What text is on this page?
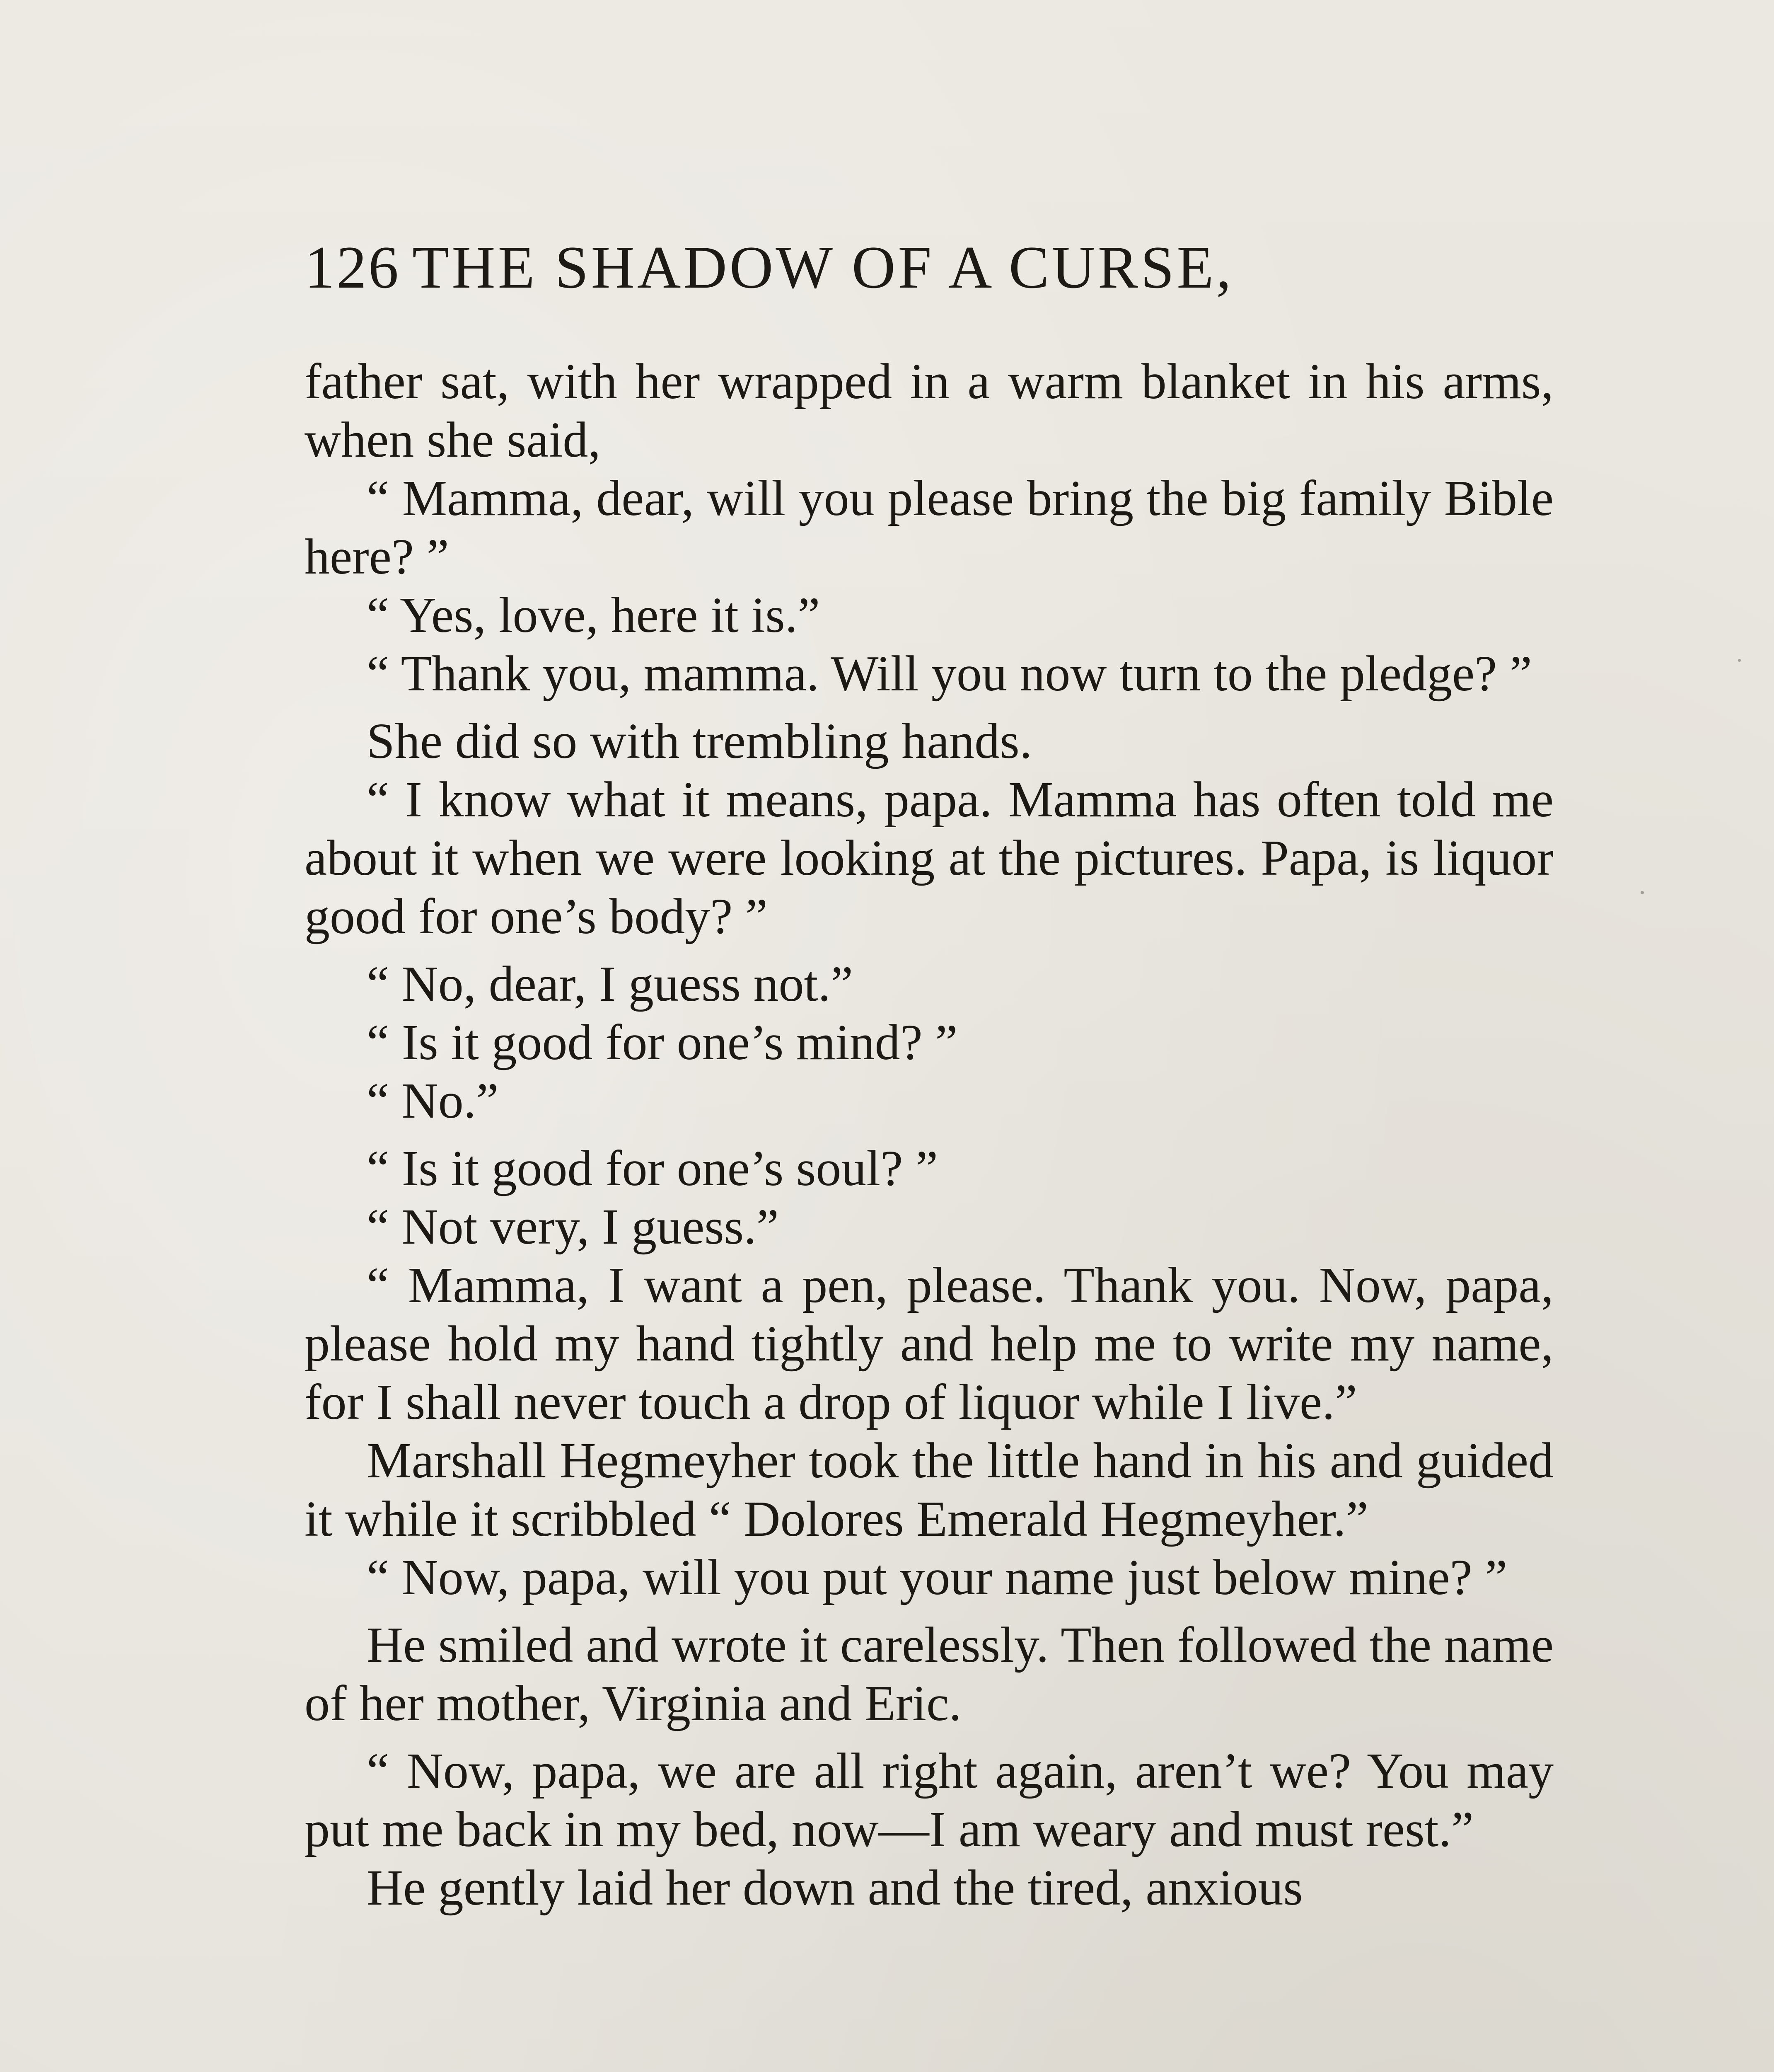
126 THE SHADOW OF A CURSE,

father sat, with her wrapped in a warm blanket in his arms, when she said,

“ Mamma, dear, will you please bring the big family Bible here? ”

“ Yes, love, here it is.”

“ Thank you, mamma. Will you now turn to the pledge? ”

She did so with trembling hands.

“ I know what it means, papa. Mamma has often told me about it when we were looking at the pictures. Papa, is liquor good for one’s body? ”

“ No, dear, I guess not.”

“ Is it good for one’s mind? ”

“ No.”

“ Is it good for one’s soul? ”

“ Not very, I guess.”

“ Mamma, I want a pen, please. Thank you. Now, papa, please hold my hand tightly and help me to write my name, for I shall never touch a drop of liquor while I live.”

Marshall Hegmeyher took the little hand in his and guided it while it scribbled “ Dolores Emerald Hegmeyher.”

“ Now, papa, will you put your name just below mine? ”

He smiled and wrote it carelessly. Then followed the name of her mother, Virginia and Eric.

“ Now, papa, we are all right again, aren’t we? You may put me back in my bed, now—I am weary and must rest.”

He gently laid her down and the tired, anxious
